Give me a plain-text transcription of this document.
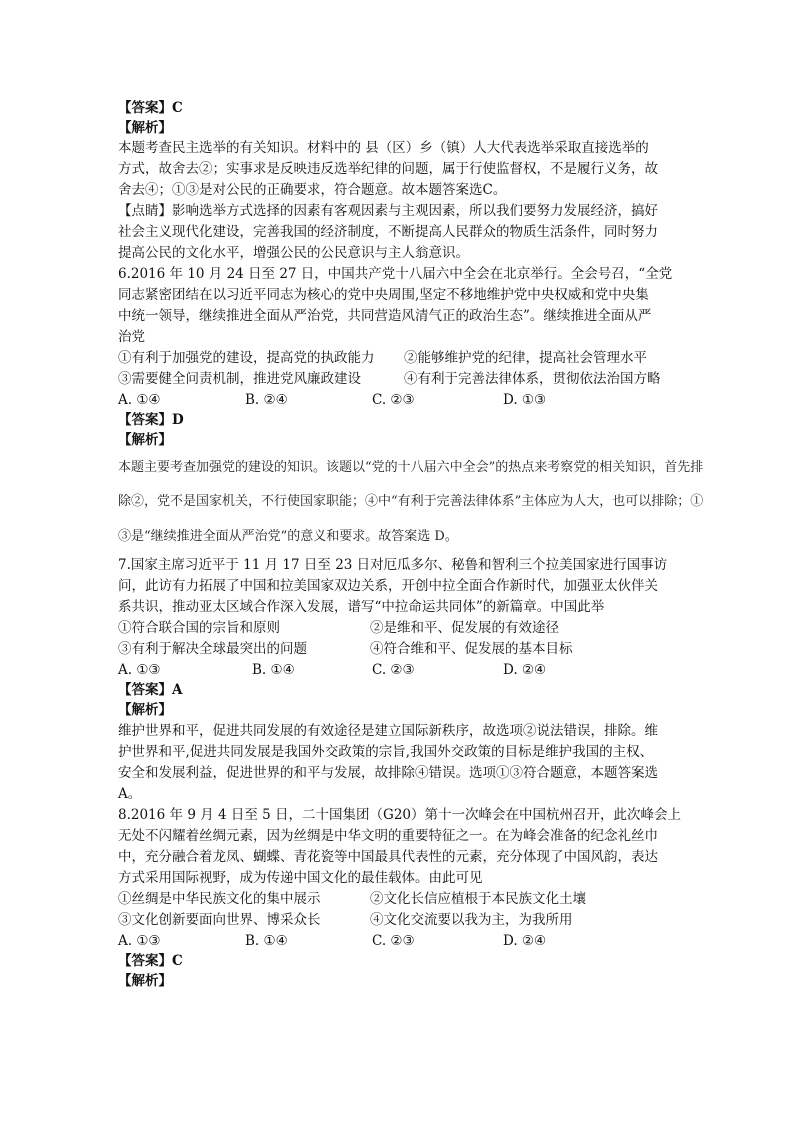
【答案】C
【解析】
本题考查民主选举的有关知识。材料中的 县（区）乡（镇）人大代表选举采取直接选举的
方式，故舍去②；实事求是反映违反选举纪律的问题，属于行使监督权，不是履行义务，故
舍去④；①③是对公民的正确要求，符合题意。故本题答案选C。
【点睛】影响选举方式选择的因素有客观因素与主观因素，所以我们要努力发展经济，搞好
社会主义现代化建设，完善我国的经济制度，不断提高人民群众的物质生活条件，同时努力
提高公民的文化水平，增强公民的公民意识与主人翁意识。
6.2016 年 10 月 24 日至 27 日，中国共产党十八届六中全会在北京举行。全会号召，“全党
同志紧密团结在以习近平同志为核心的党中央周围,坚定不移地维护党中央权威和党中央集
中统一领导，继续推进全面从严治党，共同营造风清气正的政治生态”。继续推进全面从严
治党
①有利于加强党的建设，提高党的执政能力 ②能够维护党的纪律，提高社会管理水平
③需要健全问责机制，推进党风廉政建设	④有利于完善法律体系，贯彻依法治国方略
A. ①④	B. ②④	C. ②③	D. ①③
【答案】D
【解析】
本题主要考查加强党的建设的知识。该题以“党的十八届六中全会”的热点来考察党的相关知识，首先排
除②，党不是国家机关，不行使国家职能；④中“有利于完善法律体系”主体应为人大，也可以排除；①
③是“继续推进全面从严治党”的意义和要求。故答案选 D。
7.国家主席习近平于 11 月 17 日至 23 日对厄瓜多尔、秘鲁和智利三个拉美国家进行国事访
问，此访有力拓展了中国和拉美国家双边关系，开创中拉全面合作新时代，加强亚太伙伴关
系共识，推动亚太区域合作深入发展，谱写“中拉命运共同体”的新篇章。中国此举
①符合联合国的宗旨和原则	②是维和平、促发展的有效途径
③有利于解决全球最突出的问题	④符合维和平、促发展的基本目标
A. ①③	B. ①④	C. ②③	D. ②④
【答案】A
【解析】
维护世界和平，促进共同发展的有效途径是建立国际新秩序，故选项②说法错误，排除。维
护世界和平,促进共同发展是我国外交政策的宗旨,我国外交政策的目标是维护我国的主权、
安全和发展利益，促进世界的和平与发展，故排除④错误。选项①③符合题意，本题答案选
A。
8.2016 年 9 月 4 日至 5 日，二十国集团（G20）第十一次峰会在中国杭州召开，此次峰会上
无处不闪耀着丝绸元素，因为丝绸是中华文明的重要特征之一。在为峰会准备的纪念礼丝巾
中，充分融合着龙凤、蝴蝶、青花瓷等中国最具代表性的元素，充分体现了中国风韵，表达
方式采用国际视野，成为传递中国文化的最佳载体。由此可见
①丝绸是中华民族文化的集中展示	②文化长信应植根于本民族文化土壤
③文化创新要面向世界、博采众长	④文化交流要以我为主，为我所用
A. ①③	B. ①④	C. ②③	D. ②④
【答案】C
【解析】
